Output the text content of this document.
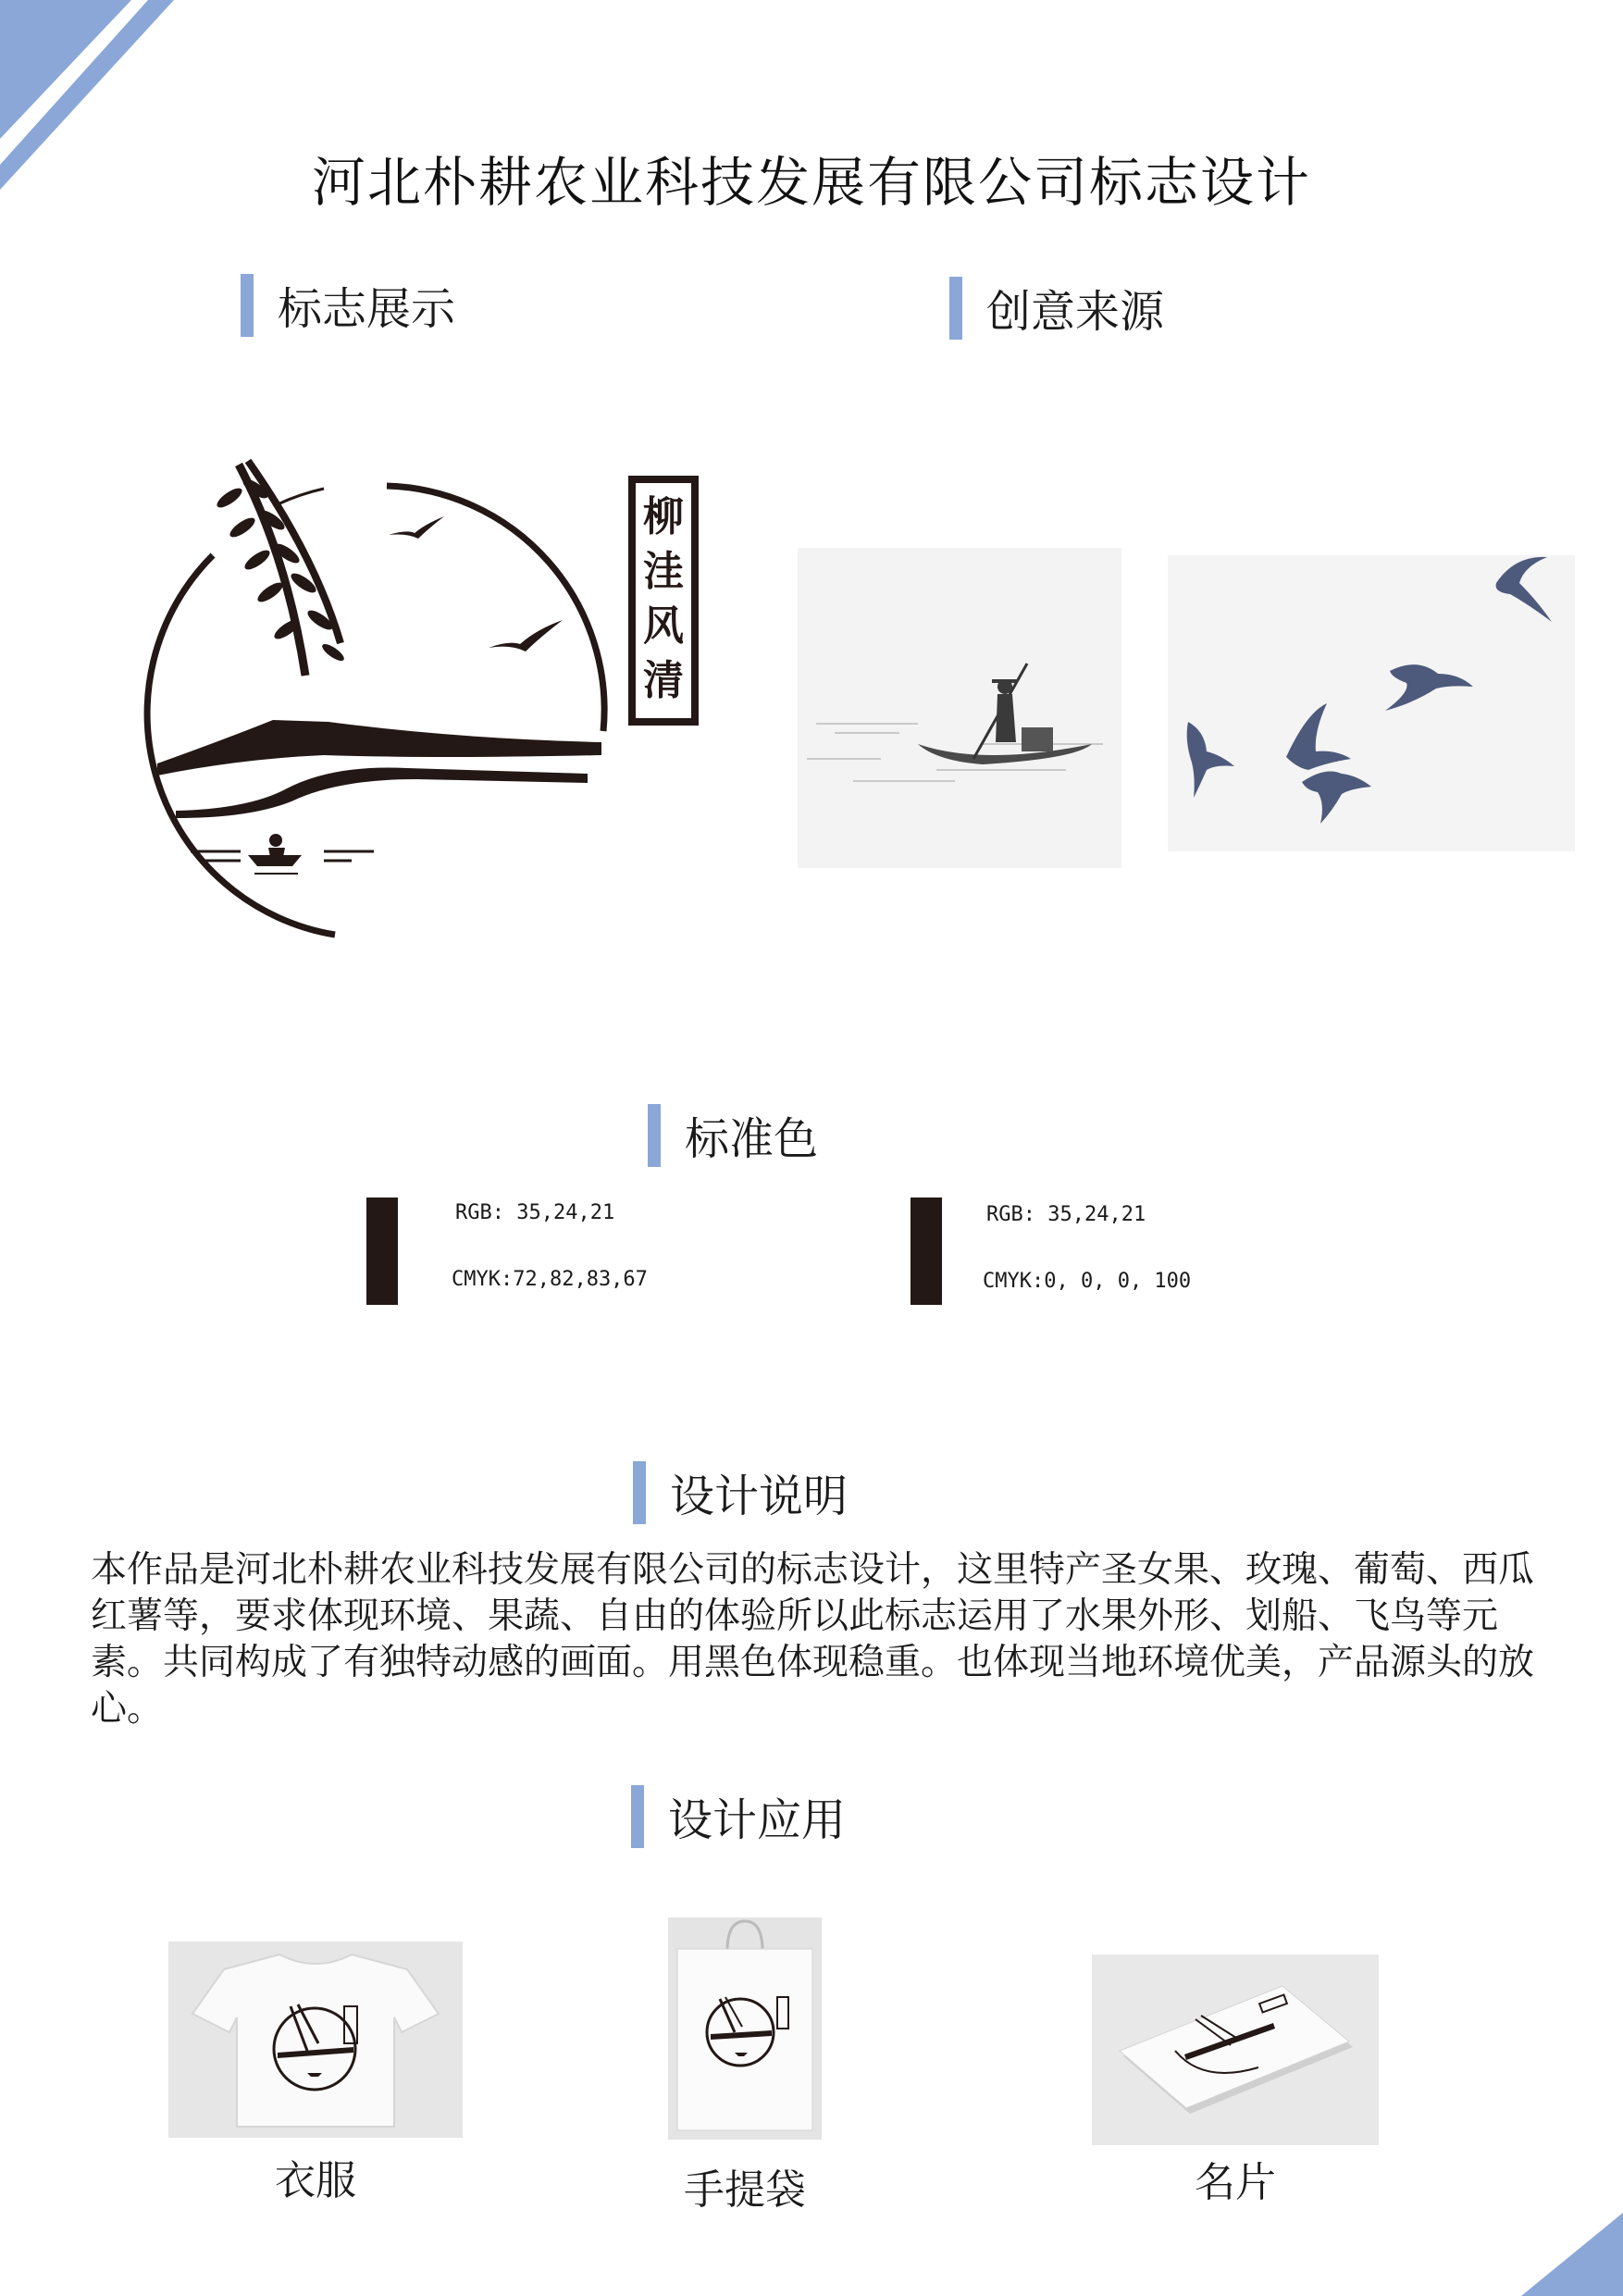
河北朴耕农业科技发展有限公司标志设计
标志展示	创意来源
柳
洼
风
清
标准色
RGB: 35,24,21
CMYK:72,82,83,67
RGB: 35,24,21
CMYK:0, 0, 0, 100
设计说明
本作品是河北朴耕农业科技发展有限公司的标志设计，这里特产圣女果、玫瑰、葡萄、西瓜红薯等，要求体现环境、果蔬、自由的体验所以此标志运用了水果外形、划船、飞鸟等元素。共同构成了有独特动感的画面。用黑色体现稳重。也体现当地环境优美，产品源头的放心。
设计应用
衣服	手提袋	名片
